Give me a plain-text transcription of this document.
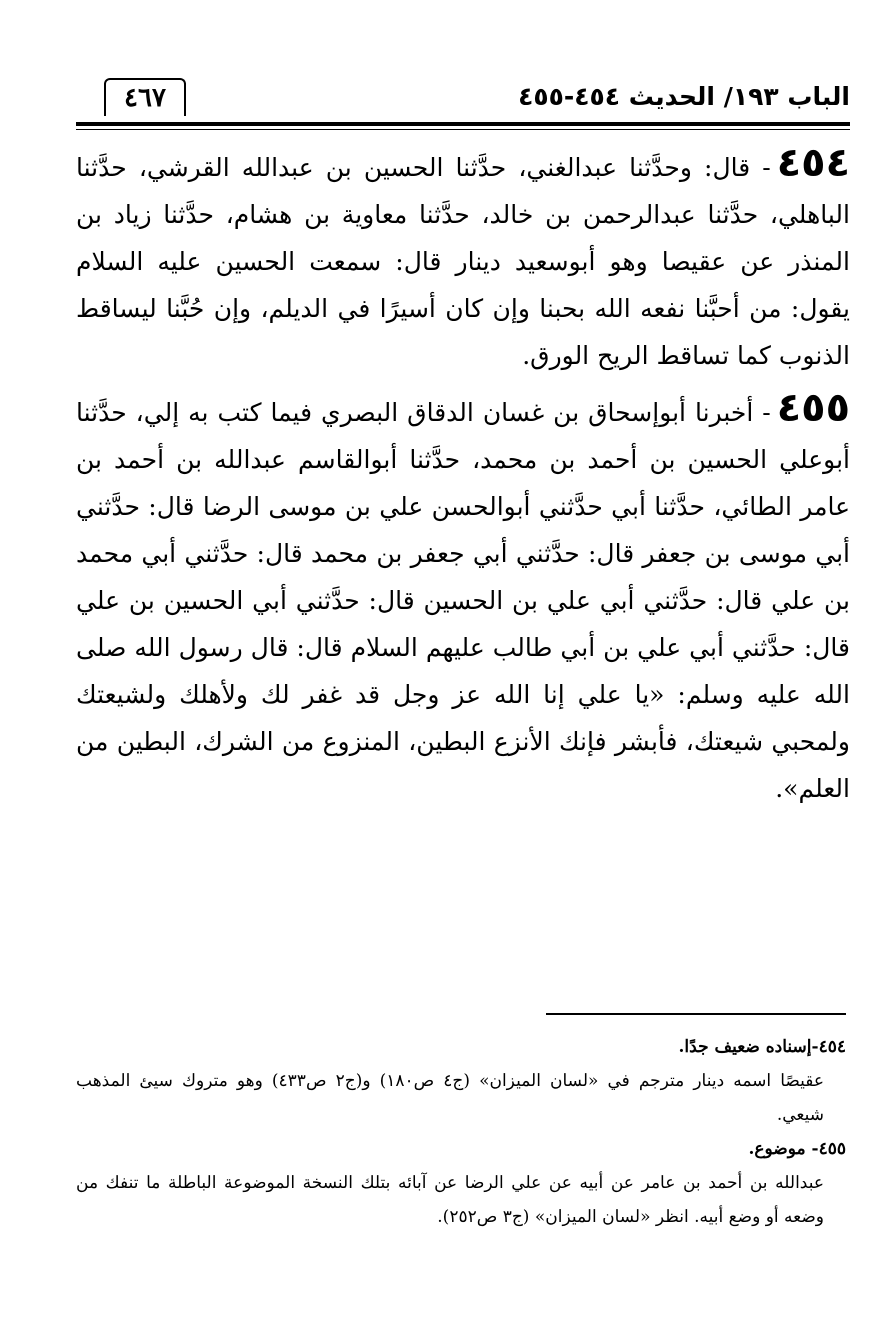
الباب ١٩٣/ الحديث ٤٥٤-٤٥٥
٤٦٧

٤٥٤- قال: وحدَّثنا عبدالغني، حدَّثنا الحسين بن عبدالله القرشي، حدَّثنا الباهلي، حدَّثنا عبدالرحمن بن خالد، حدَّثنا معاوية بن هشام، حدَّثنا زياد بن المنذر عن عقيصا وهو أبوسعيد دينار قال: سمعت الحسين عليه السلام يقول: من أحبَّنا نفعه الله بحبنا وإن كان أسيرًا في الديلم، وإن حُبَّنا ليساقط الذنوب كما تساقط الريح الورق.

٤٥٥- أخبرنا أبوإسحاق بن غسان الدقاق البصري فيما كتب به إلي، حدَّثنا أبوعلي الحسين بن أحمد بن محمد، حدَّثنا أبوالقاسم عبدالله بن أحمد بن عامر الطائي، حدَّثنا أبي حدَّثني أبوالحسن علي بن موسى الرضا قال: حدَّثني أبي موسى بن جعفر قال: حدَّثني أبي جعفر بن محمد قال: حدَّثني أبي محمد بن علي قال: حدَّثني أبي علي بن الحسين قال: حدَّثني أبي الحسين بن علي قال: حدَّثني أبي علي بن أبي طالب عليهم السلام قال: قال رسول الله صلى الله عليه وسلم: «يا علي إنا الله عز وجل قد غفر لك ولأهلك ولشيعتك ولمحبي شيعتك، فأبشر فإنك الأنزع البطين، المنزوع من الشرك، البطين من العلم».

٤٥٤-إسناده ضعيف جدًا.

عقيصًا اسمه دينار مترجم في «لسان الميزان» (ج٤ ص١٨٠) و(ج٢ ص٤٣٣) وهو متروك سيئ المذهب شيعي.

٤٥٥- موضوع.

عبدالله بن أحمد بن عامر عن أبيه عن علي الرضا عن آبائه بتلك النسخة الموضوعة الباطلة ما تنفك من وضعه أو وضع أبيه. انظر «لسان الميزان» (ج٣ ص٢٥٢).
